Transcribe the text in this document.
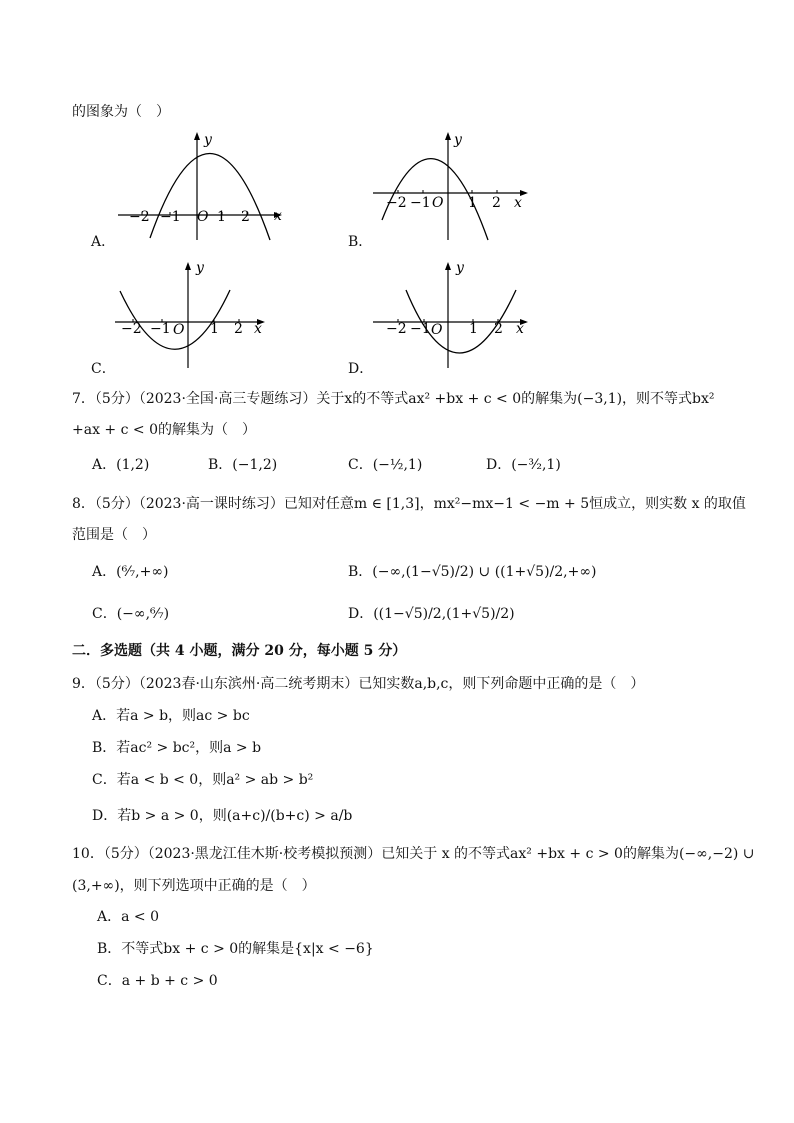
的图象为（　）
A．
y
x
O
−2 −1	1 2
B．
y
x
O
−2 −1	1 2
C．
y
x
O
−2 −1	1 2
D．
y
x
O
−2 −1	1 2
7．（5分）（2023·全国·高三专题练习）关于x的不等式ax² +bx + c < 0的解集为(−3,1)，则不等式bx²
+ax + c < 0的解集为（　）
A．(1,2)	B．(−1,2)	C．(−½,1)	D．(−³⁄₂,1)
8．（5分）（2023·高一课时练习）已知对任意m ∈ [1,3]，mx²−mx−1 < −m + 5恒成立，则实数 x 的取值
范围是（　）
A．(⁶⁄₇,+∞)	B．(−∞,(1−√5)/2) ∪ ((1+√5)/2,+∞)
C．(−∞,⁶⁄₇)	D．((1−√5)/2,(1+√5)/2)
二．多选题（共 4 小题，满分 20 分，每小题 5 分）
9．（5分）（2023春·山东滨州·高二统考期末）已知实数a,b,c，则下列命题中正确的是（　）
A．若a > b，则ac > bc
B．若ac² > bc²，则a > b
C．若a < b < 0，则a² > ab > b²
D．若b > a > 0，则(a+c)/(b+c) > a/b
10．（5分）（2023·黑龙江佳木斯·校考模拟预测）已知关于 x 的不等式ax² +bx + c > 0的解集为(−∞,−2) ∪
(3,+∞)，则下列选项中正确的是（　）
A．a < 0
B．不等式bx + c > 0的解集是{x|x < −6}
C．a + b + c > 0
